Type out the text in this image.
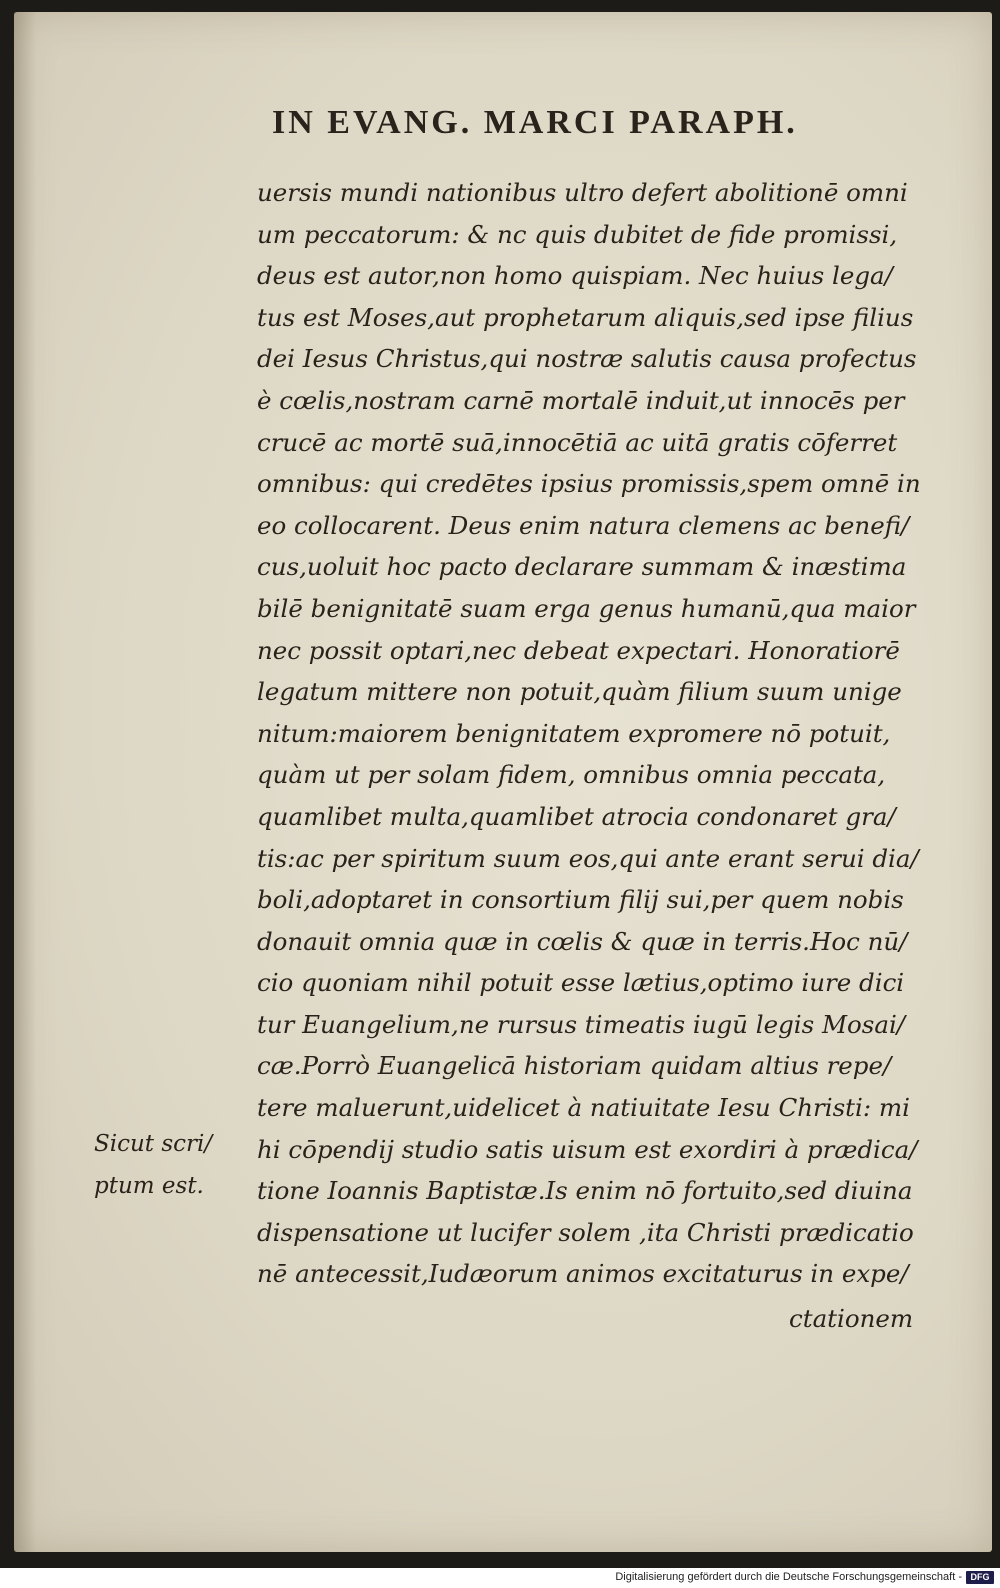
IN EVANG. MARCI PARAPH.
uersis mundi nationibus ultro defert abolitionē omni
um peccatorum: & nc quis dubitet de fide promissi,
deus est autor,non homo quispiam. Nec huius lega/
tus est Moses,aut prophetarum aliquis,sed ipse filius
dei Iesus Christus,qui nostræ salutis causa profectus
è cœlis,nostram carnē mortalē induit,ut innocēs per
crucē ac mortē suā,innocētiā ac uitā gratis cōferret
omnibus: qui credētes ipsius promissis,spem omnē in
eo collocarent. Deus enim natura clemens ac benefi/
cus,uoluit hoc pacto declarare summam & inæstima
bilē benignitatē suam erga genus humanū,qua maior
nec possit optari,nec debeat expectari. Honoratiorē
legatum mittere non potuit,quàm filium suum unige
nitum:maiorem benignitatem expromere nō potuit,
quàm ut per solam fidem, omnibus omnia peccata,
quamlibet multa,quamlibet atrocia condonaret gra/
tis:ac per spiritum suum eos,qui ante erant serui dia/
boli,adoptaret in consortium filij sui,per quem nobis
donauit omnia quæ in cœlis & quæ in terris.Hoc nū/
cio quoniam nihil potuit esse lætius,optimo iure dici
tur Euangelium,ne rursus timeatis iugū legis Mosai/
cæ.Porrò Euangelicā historiam quidam altius repe/
tere maluerunt,uidelicet à natiuitate Iesu Christi: mi
hi cōpendij studio satis uisum est exordiri à prædica/
tione Ioannis Baptistæ.Is enim nō fortuito,sed diuina
dispensatione ut lucifer solem ,ita Christi prædicatio
nē antecessit,Iudæorum animos excitaturus in expe/
Sicut scri/
ptum est.
ctationem
Digitalisierung gefördert durch die Deutsche Forschungsgemeinschaft - DFG
